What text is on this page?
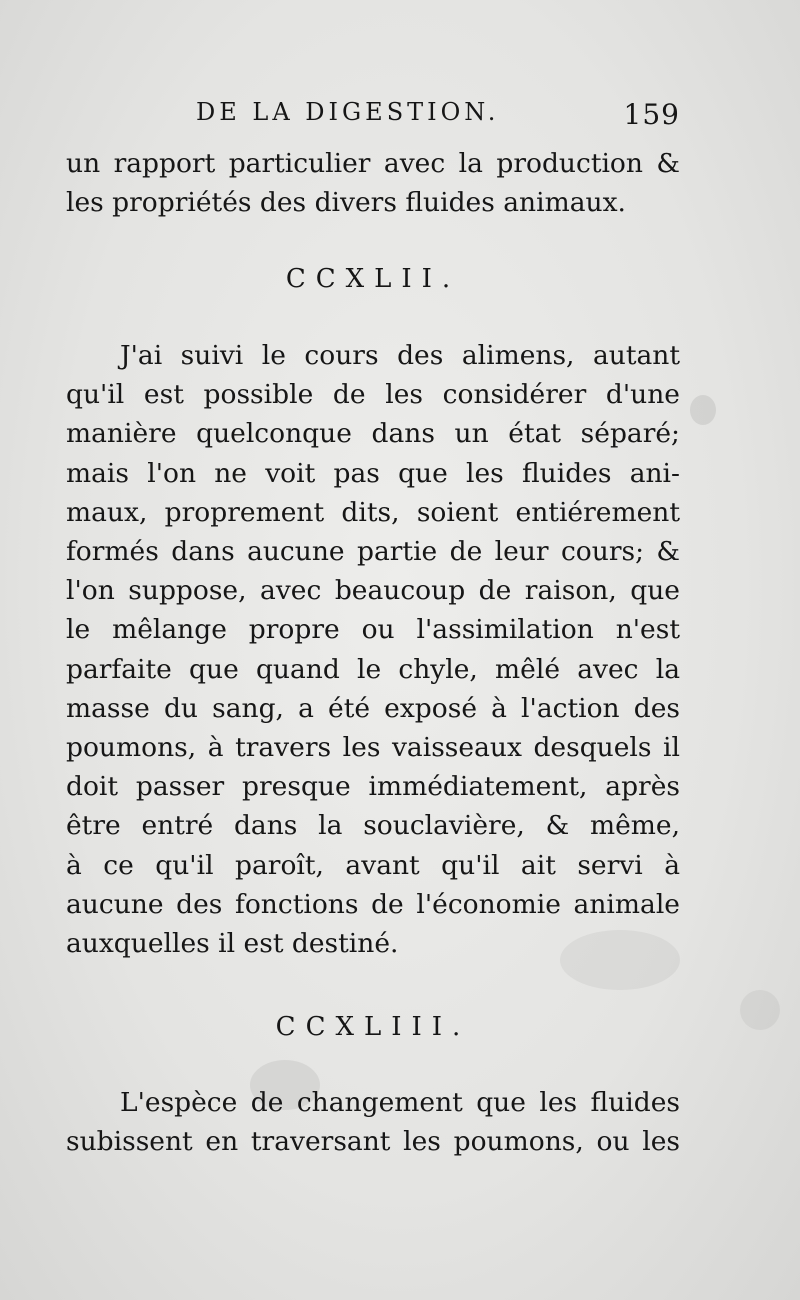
DE LA DIGESTION.	159
un rapport particulier avec la production &
les propriétés des divers fluides animaux.
CCXLII.
J'ai suivi le cours des alimens, autant
qu'il est possible de les considérer d'une
manière quelconque dans un état séparé;
mais l'on ne voit pas que les fluides ani-
maux, proprement dits, soient entiérement
formés dans aucune partie de leur cours; &
l'on suppose, avec beaucoup de raison, que
le mêlange propre ou l'assimilation n'est
parfaite que quand le chyle, mêlé avec la
masse du sang, a été exposé à l'action des
poumons, à travers les vaisseaux desquels il
doit passer presque immédiatement, après
être entré dans la souclavière, & même,
à ce qu'il paroît, avant qu'il ait servi à
aucune des fonctions de l'économie animale
auxquelles il est destiné.
CCXLIII.
L'espèce de changement que les fluides
subissent en traversant les poumons, ou les
